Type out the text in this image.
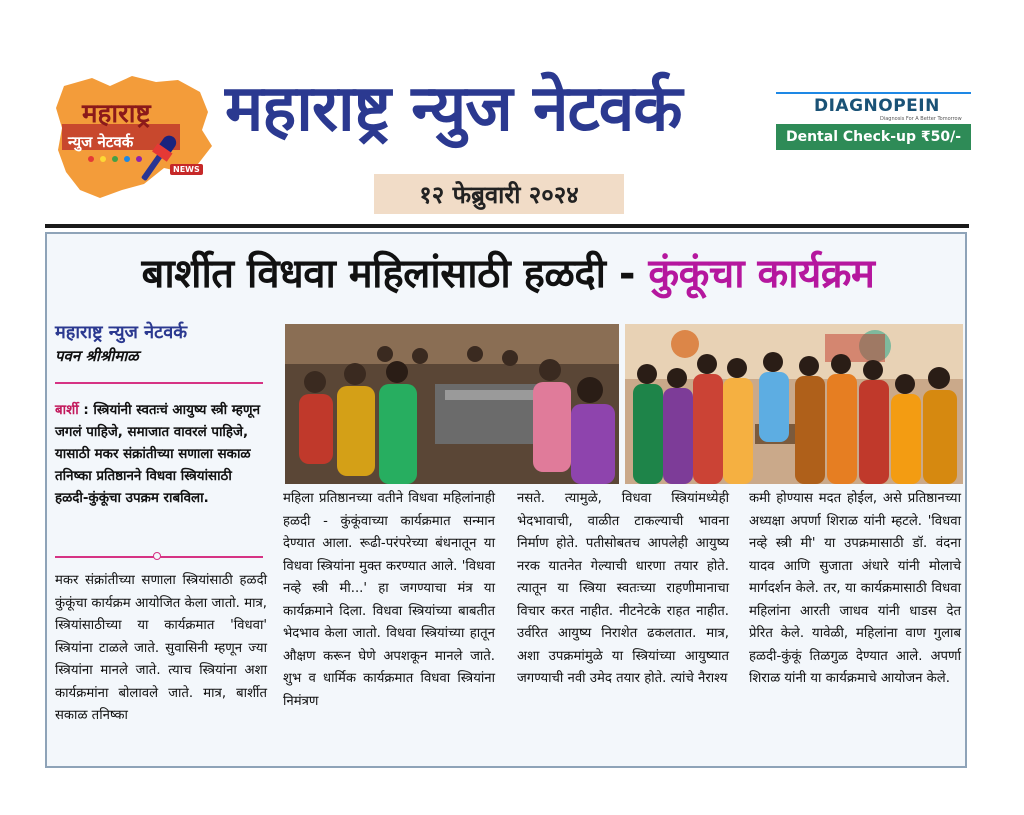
महाराष्ट्र
न्युज नेटवर्क
NEWS
महाराष्ट्र न्युज नेटवर्क
१२ फेब्रुवारी २०२४
DIAGNOPEIN
Diagnosis For A Better Tomorrow
Dental Check-up ₹50/-
बार्शीत विधवा महिलांसाठी हळदी - कुंकूंचा कार्यक्रम
महाराष्ट्र न्युज नेटवर्क
पवन श्रीश्रीमाळ
बार्शी : स्त्रियांनी स्वतःचं आयुष्य स्त्री म्हणून जगलं पाहिजे, समाजात वावरलं पाहिजे, यासाठी मकर संक्रांतीच्या सणाला सकाळ तनिष्का प्रतिष्ठानने विधवा स्त्रियांसाठी हळदी-कुंकूंचा उपक्रम राबविला.
मकर संक्रांतीच्या सणाला स्त्रियांसाठी हळदी कुंकूंचा कार्यक्रम आयोजित केला जातो. मात्र, स्त्रियांसाठीच्या या कार्यक्रमात 'विधवा' स्त्रियांना टाळले जाते. सुवासिनी म्हणून ज्या स्त्रियांना मानले जाते. त्याच स्त्रियांना अशा कार्यक्रमांना बोलावले जाते. मात्र, बार्शीत सकाळ तनिष्का
महिला प्रतिष्ठानच्या वतीने विधवा महिलांनाही हळदी - कुंकूंवाच्या कार्यक्रमात सन्मान देण्यात आला. रूढी-परंपरेच्या बंधनातून या विधवा स्त्रियांना मुक्त करण्यात आले. 'विधवा नव्हे स्त्री मी...' हा जगण्याचा मंत्र या कार्यक्रमाने दिला. विधवा स्त्रियांच्या बाबतीत भेदभाव केला जातो. विधवा स्त्रियांच्या हातून औक्षण करून घेणे अपशकून मानले जाते. शुभ व धार्मिक कार्यक्रमात विधवा स्त्रियांना निमंत्रण
नसते. त्यामुळे, विधवा स्त्रियांमध्येही भेदभावाची, वाळीत टाकल्याची भावना निर्माण होते. पतीसोबतच आपलेही आयुष्य नरक यातनेत गेल्याची धारणा तयार होते. त्यातून या स्त्रिया स्वतःच्या राहणीमानाचा विचार करत नाहीत. नीटनेटके राहत नाहीत. उर्वरित आयुष्य निराशेत ढकलतात. मात्र, अशा उपक्रमांमुळे या स्त्रियांच्या आयुष्यात जगण्याची नवी उमेद तयार होते. त्यांचे नैराश्य
कमी होण्यास मदत होईल, असे प्रतिष्ठानच्या अध्यक्षा अपर्णा शिराळ यांनी म्हटले. 'विधवा नव्हे स्त्री मी' या उपक्रमासाठी डॉ. वंदना यादव आणि सुजाता अंधारे यांनी मोलाचे मार्गदर्शन केले. तर, या कार्यक्रमासाठी विधवा महिलांना आरती जाधव यांनी धाडस देत प्रेरित केले. यावेळी, महिलांना वाण गुलाब हळदी-कुंकूं तिळगुळ देण्यात आले. अपर्णा शिराळ यांनी या कार्यक्रमाचे आयोजन केले.
